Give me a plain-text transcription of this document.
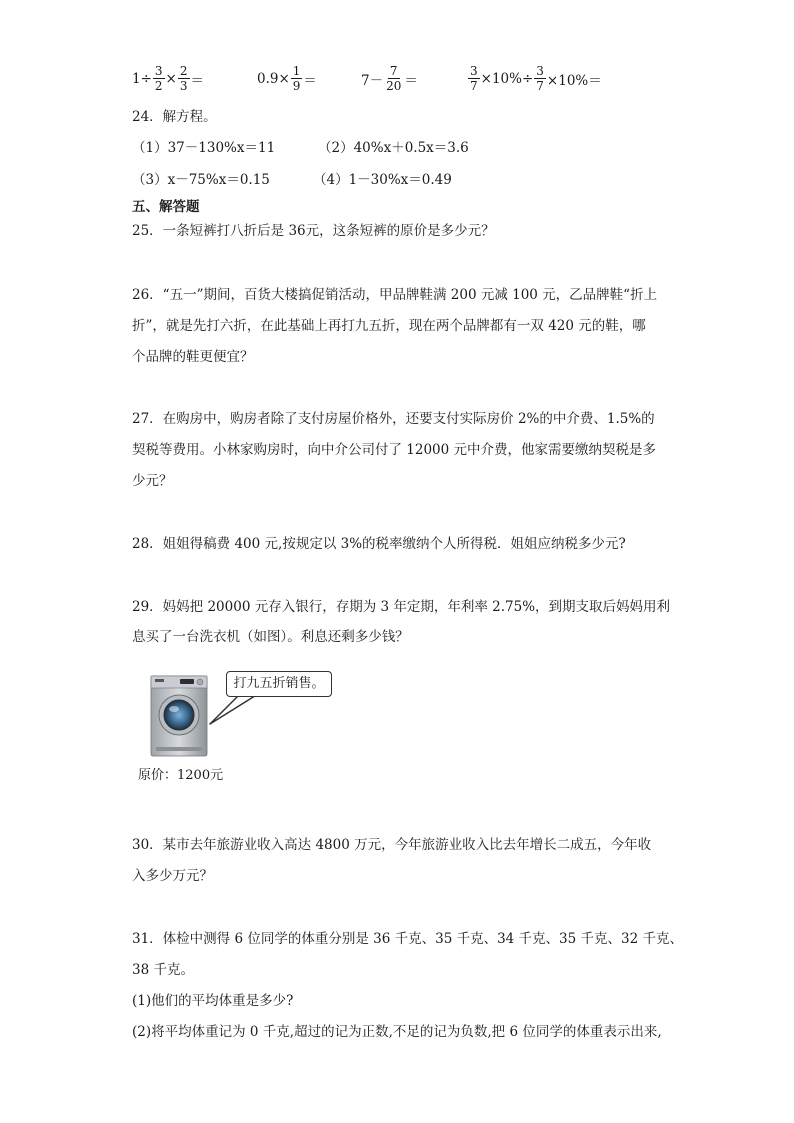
$1\div \frac{3}{2} \times \frac{2}{3}$ ＝	$0.9\times \frac{1}{9}$ ＝	$7- \frac{7}{20}$ ＝	$\frac{3}{7} \times 10\%\div \frac{3}{7} \times 10\%=$
24．解方程。
（1）37－130%x＝11	（2）40%x＋0.5x＝3.6
（3）x－75%x＝0.15	（4）1－30%x＝0.49
五、解答题
25．一条短裤打八折后是 36元，这条短裤的原价是多少元？
26．“五一”期间，百货大楼搞促销活动，甲品牌鞋满 200 元减 100 元，乙品牌鞋“折上
折”，就是先打六折，在此基础上再打九五折，现在两个品牌都有一双 420 元的鞋，哪
个品牌的鞋更便宜？
27．在购房中，购房者除了支付房屋价格外，还要支付实际房价 2%的中介费、1.5%的
契税等费用。小林家购房时，向中介公司付了 12000 元中介费，他家需要缴纳契税是多
少元？
28．姐姐得稿费 400 元,按规定以 3%的税率缴纳个人所得税．姐姐应纳税多少元?
29．妈妈把 20000 元存入银行，存期为 3 年定期，年利率 2.75%，到期支取后妈妈用利
息买了一台洗衣机（如图）。利息还剩多少钱？
打九五折销售。
原价：1200元
30．某市去年旅游业收入高达 4800 万元，今年旅游业收入比去年增长二成五，今年收
入多少万元？
31．体检中测得 6 位同学的体重分别是 36 千克、35 千克、34 千克、35 千克、32 千克、
38 千克。
(1)他们的平均体重是多少?
(2)将平均体重记为 0 千克,超过的记为正数,不足的记为负数,把 6 位同学的体重表示出来,
